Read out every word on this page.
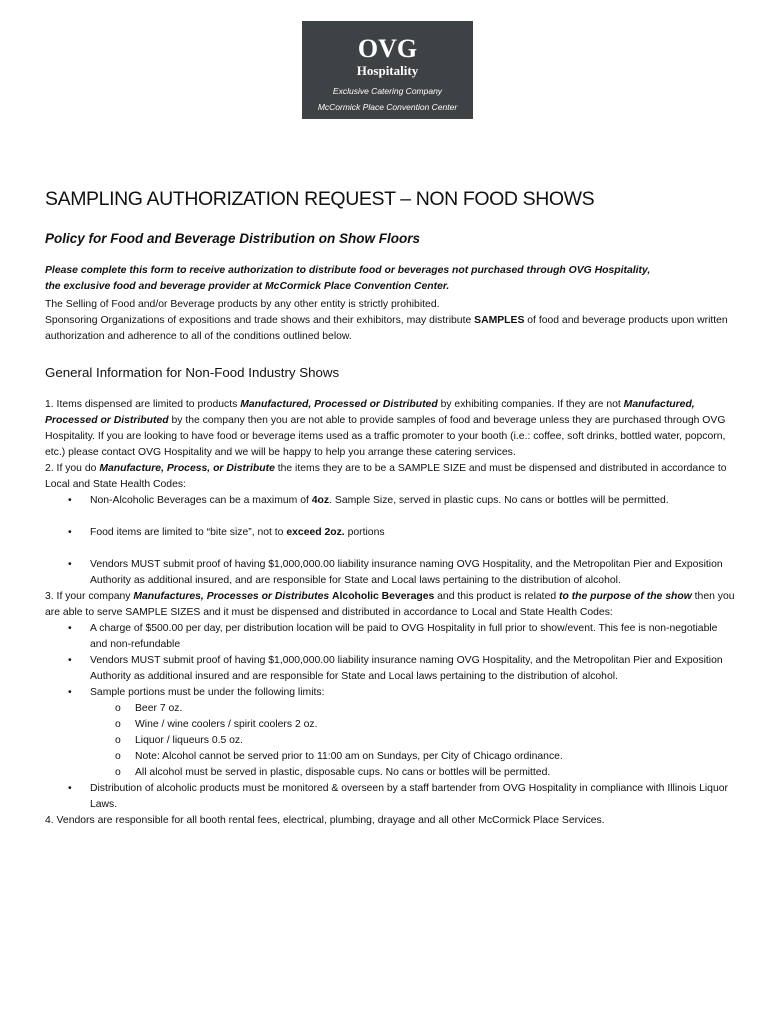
OVG
Hospitality
Exclusive Catering Company
McCormick Place Convention Center
SAMPLING AUTHORIZATION REQUEST – NON FOOD SHOWS
Policy for Food and Beverage Distribution on Show Floors
Please complete this form to receive authorization to distribute food or beverages not purchased through OVG Hospitality,
the exclusive food and beverage provider at McCormick Place Convention Center.

The Selling of Food and/or Beverage products by any other entity is strictly prohibited.

Sponsoring Organizations of expositions and trade shows and their exhibitors, may distribute SAMPLES of food and beverage products upon written authorization and adherence to all of the conditions outlined below.

General Information for Non-Food Industry Shows

1. Items dispensed are limited to products Manufactured, Processed or Distributed by exhibiting companies. If they are not Manufactured, Processed or Distributed by the company then you are not able to provide samples of food and beverage unless they are purchased through OVG Hospitality. If you are looking to have food or beverage items used as a traffic promoter to your booth (i.e.: coffee, soft drinks, bottled water, popcorn, etc.) please contact OVG Hospitality and we will be happy to help you arrange these catering services.

2. If you do Manufacture, Process, or Distribute the items they are to be a SAMPLE SIZE and must be dispensed and distributed in accordance to Local and State Health Codes:

• Non-Alcoholic Beverages can be a maximum of 4oz. Sample Size, served in plastic cups. No cans or bottles will be permitted.
• Food items are limited to “bite size”, not to exceed 2oz. portions
• Vendors MUST submit proof of having $1,000,000.00 liability insurance naming OVG Hospitality, and the Metropolitan Pier and Exposition Authority as additional insured, and are responsible for State and Local laws pertaining to the distribution of alcohol.

3. If your company Manufactures, Processes or Distributes Alcoholic Beverages and this product is related to the purpose of the show then you are able to serve SAMPLE SIZES and it must be dispensed and distributed in accordance to Local and State Health Codes:

• A charge of $500.00 per day, per distribution location will be paid to OVG Hospitality in full prior to show/event. This fee is non-negotiable and non-refundable
• Vendors MUST submit proof of having $1,000,000.00 liability insurance naming OVG Hospitality, and the Metropolitan Pier and Exposition Authority as additional insured and are responsible for State and Local laws pertaining to the distribution of alcohol.
• Sample portions must be under the following limits:
o Beer 7 oz.
o Wine / wine coolers / spirit coolers 2 oz.
o Liquor / liqueurs 0.5 oz.
o Note: Alcohol cannot be served prior to 11:00 am on Sundays, per City of Chicago ordinance.
o All alcohol must be served in plastic, disposable cups. No cans or bottles will be permitted.
• Distribution of alcoholic products must be monitored & overseen by a staff bartender from OVG Hospitality in compliance with Illinois Liquor Laws.

4. Vendors are responsible for all booth rental fees, electrical, plumbing, drayage and all other McCormick Place Services.
